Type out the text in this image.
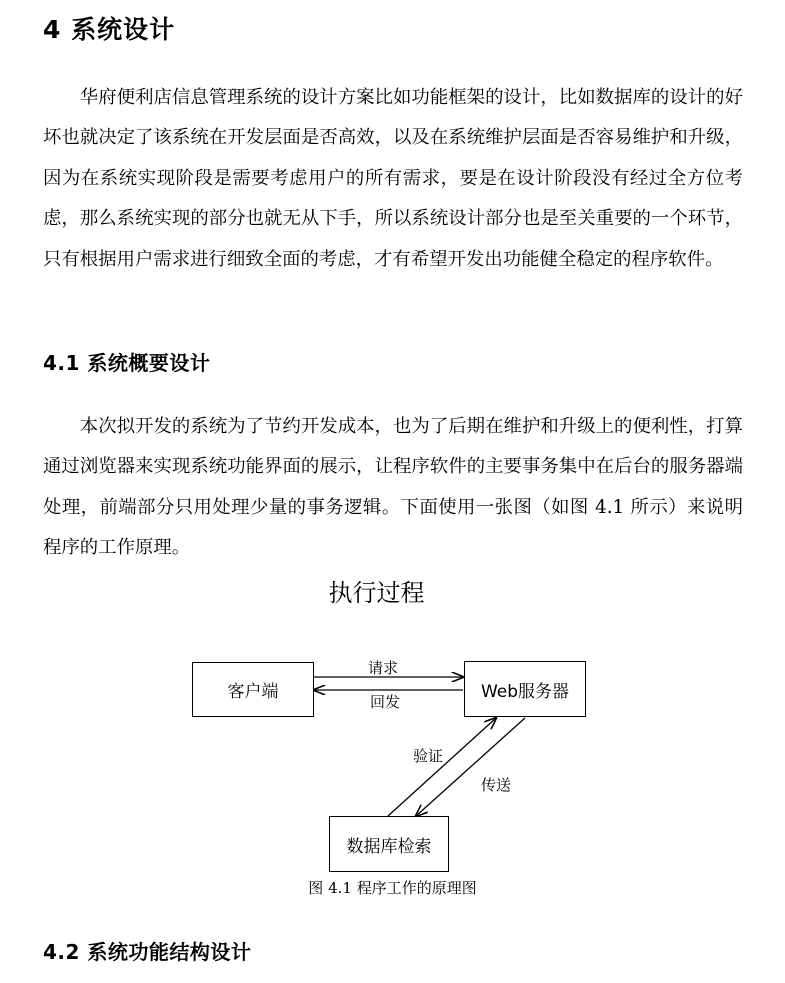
4 系统设计

华府便利店信息管理系统的设计方案比如功能框架的设计，比如数据库的设计的好坏也就决定了该系统在开发层面是否高效，以及在系统维护层面是否容易维护和升级，因为在系统实现阶段是需要考虑用户的所有需求，要是在设计阶段没有经过全方位考虑，那么系统实现的部分也就无从下手，所以系统设计部分也是至关重要的一个环节，只有根据用户需求进行细致全面的考虑，才有希望开发出功能健全稳定的程序软件。

4.1 系统概要设计

本次拟开发的系统为了节约开发成本，也为了后期在维护和升级上的便利性，打算通过浏览器来实现系统功能界面的展示，让程序软件的主要事务集中在后台的服务器端处理，前端部分只用处理少量的事务逻辑。下面使用一张图（如图 4.1 所示）来说明程序的工作原理。

执行过程
客户端	Web服务器
数据库检索
请求
回发
验证
传送
图 4.1 程序工作的原理图
4.2 系统功能结构设计
